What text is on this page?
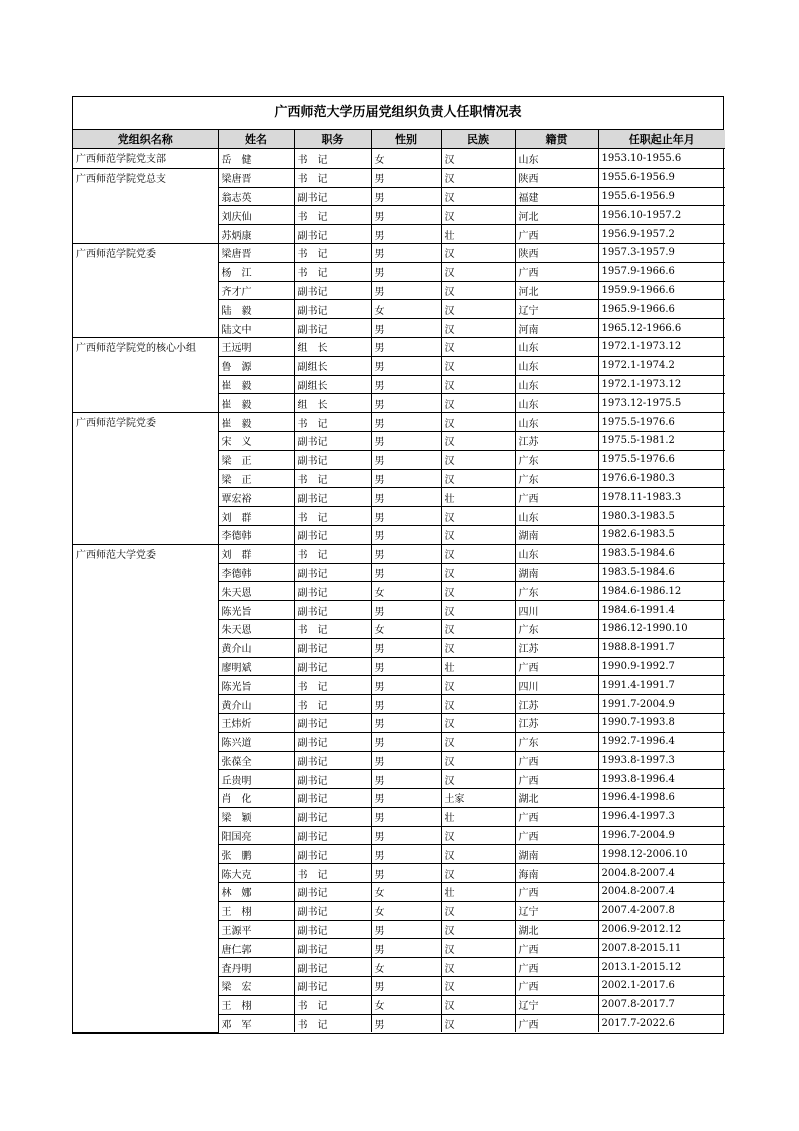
广西师范大学历届党组织负责人任职情况表
党组织名称	姓名	职务	性别	民族	籍贯	任职起止年月
广西师范学院党支部	岳　健	书　记	女	汉	山东	1953.10-1955.6
广西师范学院党总支	梁唐晋	书　记	男	汉	陕西	1955.6-1956.9
	翁志英	副书记	男	汉	福建	1955.6-1956.9
	刘庆仙	书　记	男	汉	河北	1956.10-1957.2
	苏炳康	副书记	男	壮	广西	1956.9-1957.2
广西师范学院党委	梁唐晋	书　记	男	汉	陕西	1957.3-1957.9
	杨　江	书　记	男	汉	广西	1957.9-1966.6
	齐才广	副书记	男	汉	河北	1959.9-1966.6
	陆　毅	副书记	女	汉	辽宁	1965.9-1966.6
	陆文中	副书记	男	汉	河南	1965.12-1966.6
广西师范学院党的核心小组	王远明	组　长	男	汉	山东	1972.1-1973.12
	鲁　源	副组长	男	汉	山东	1972.1-1974.2
	崔　毅	副组长	男	汉	山东	1972.1-1973.12
	崔　毅	组　长	男	汉	山东	1973.12-1975.5
广西师范学院党委	崔　毅	书　记	男	汉	山东	1975.5-1976.6
	宋　义	副书记	男	汉	江苏	1975.5-1981.2
	梁　正	副书记	男	汉	广东	1975.5-1976.6
	梁　正	书　记	男	汉	广东	1976.6-1980.3
	覃宏裕	副书记	男	壮	广西	1978.11-1983.3
	刘　群	书　记	男	汉	山东	1980.3-1983.5
	李德韩	副书记	男	汉	湖南	1982.6-1983.5
广西师范大学党委	刘　群	书　记	男	汉	山东	1983.5-1984.6
	李德韩	副书记	男	汉	湖南	1983.5-1984.6
	朱天恩	副书记	女	汉	广东	1984.6-1986.12
	陈光旨	副书记	男	汉	四川	1984.6-1991.4
	朱天恩	书　记	女	汉	广东	1986.12-1990.10
	黄介山	副书记	男	汉	江苏	1988.8-1991.7
	廖明斌	副书记	男	壮	广西	1990.9-1992.7
	陈光旨	书　记	男	汉	四川	1991.4-1991.7
	黄介山	书　记	男	汉	江苏	1991.7-2004.9
	王炜炘	副书记	男	汉	江苏	1990.7-1993.8
	陈兴道	副书记	男	汉	广东	1992.7-1996.4
	张葆全	副书记	男	汉	广西	1993.8-1997.3
	丘贵明	副书记	男	汉	广西	1993.8-1996.4
	肖　化	副书记	男	土家	湖北	1996.4-1998.6
	梁　颖	副书记	男	壮	广西	1996.4-1997.3
	阳国亮	副书记	男	汉	广西	1996.7-2004.9
	张　鹏	副书记	男	汉	湖南	1998.12-2006.10
	陈大克	书　记	男	汉	海南	2004.8-2007.4
	林　娜	副书记	女	壮	广西	2004.8-2007.4
	王　栩	副书记	女	汉	辽宁	2007.4-2007.8
	王源平	副书记	男	汉	湖北	2006.9-2012.12
	唐仁郭	副书记	男	汉	广西	2007.8-2015.11
	査丹明	副书记	女	汉	广西	2013.1-2015.12
	梁　宏	副书记	男	汉	广西	2002.1-2017.6
	王　栩	书　记	女	汉	辽宁	2007.8-2017.7
	邓　军	书　记	男	汉	广西	2017.7-2022.6
